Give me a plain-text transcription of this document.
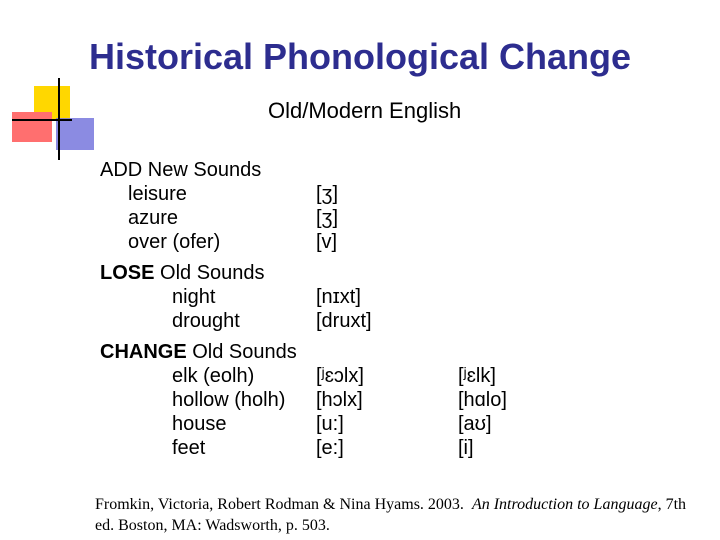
Historical Phonological Change
Old/Modern English
ADD New Sounds
leisure	[ʒ]
azure	[ʒ]
over (ofer)	[v]
LOSE Old Sounds
night	[nɪxt]
drought	[druxt]
CHANGE Old Sounds
elk (eolh)	[ʲɛɔlx]	[ʲɛlk]
hollow (holh) [hɔlx]	[hɑlo]
house	[u:]	[aʊ]
feet	[e:]	[i]
Fromkin, Victoria, Robert Rodman & Nina Hyams. 2003. An Introduction to Language, 7th ed. Boston, MA: Wadsworth, p. 503.
